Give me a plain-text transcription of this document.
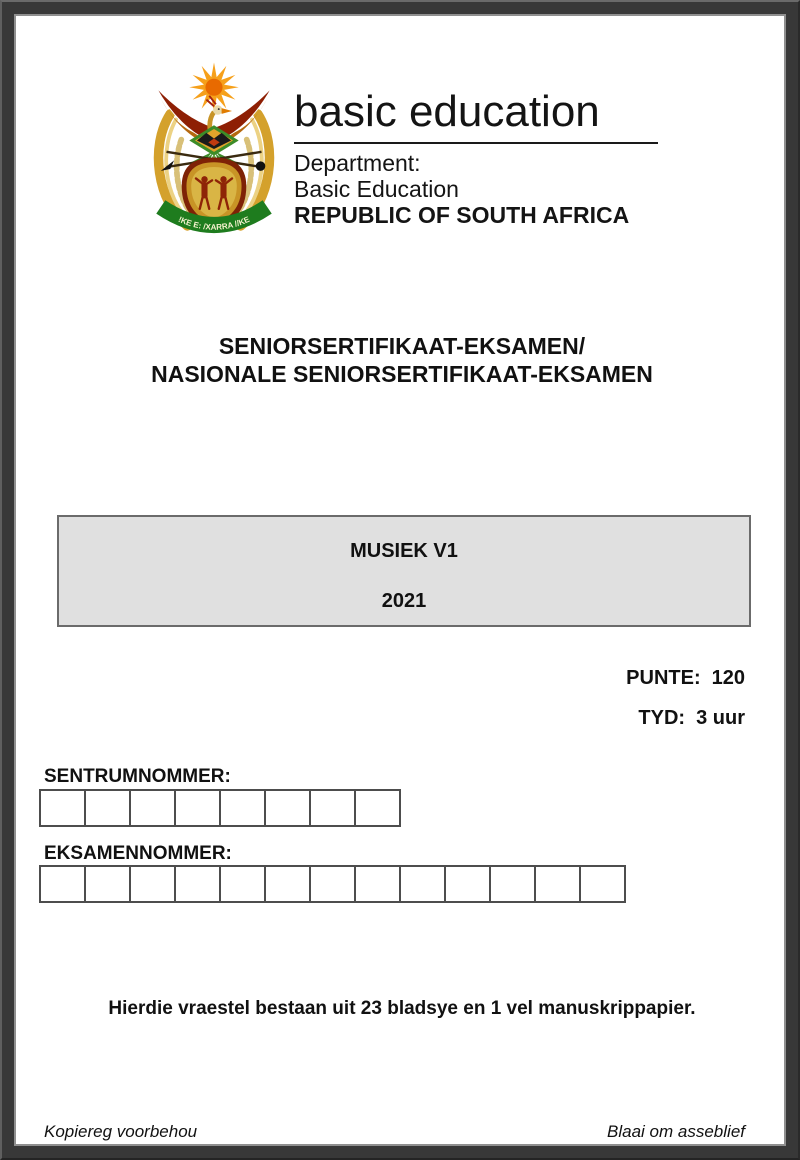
!KE E: /XARRA //KE
basic education
Department:
Basic Education
REPUBLIC OF SOUTH AFRICA
SENIORSERTIFIKAAT-EKSAMEN/
NASIONALE SENIORSERTIFIKAAT-EKSAMEN
MUSIEK V1
2021
PUNTE: 120
TYD: 3 uur
SENTRUMNOMMER:
EKSAMENNOMMER:
Hierdie vraestel bestaan uit 23 bladsye en 1 vel manuskrippapier.
Kopiereg voorbehou	Blaai om asseblief
